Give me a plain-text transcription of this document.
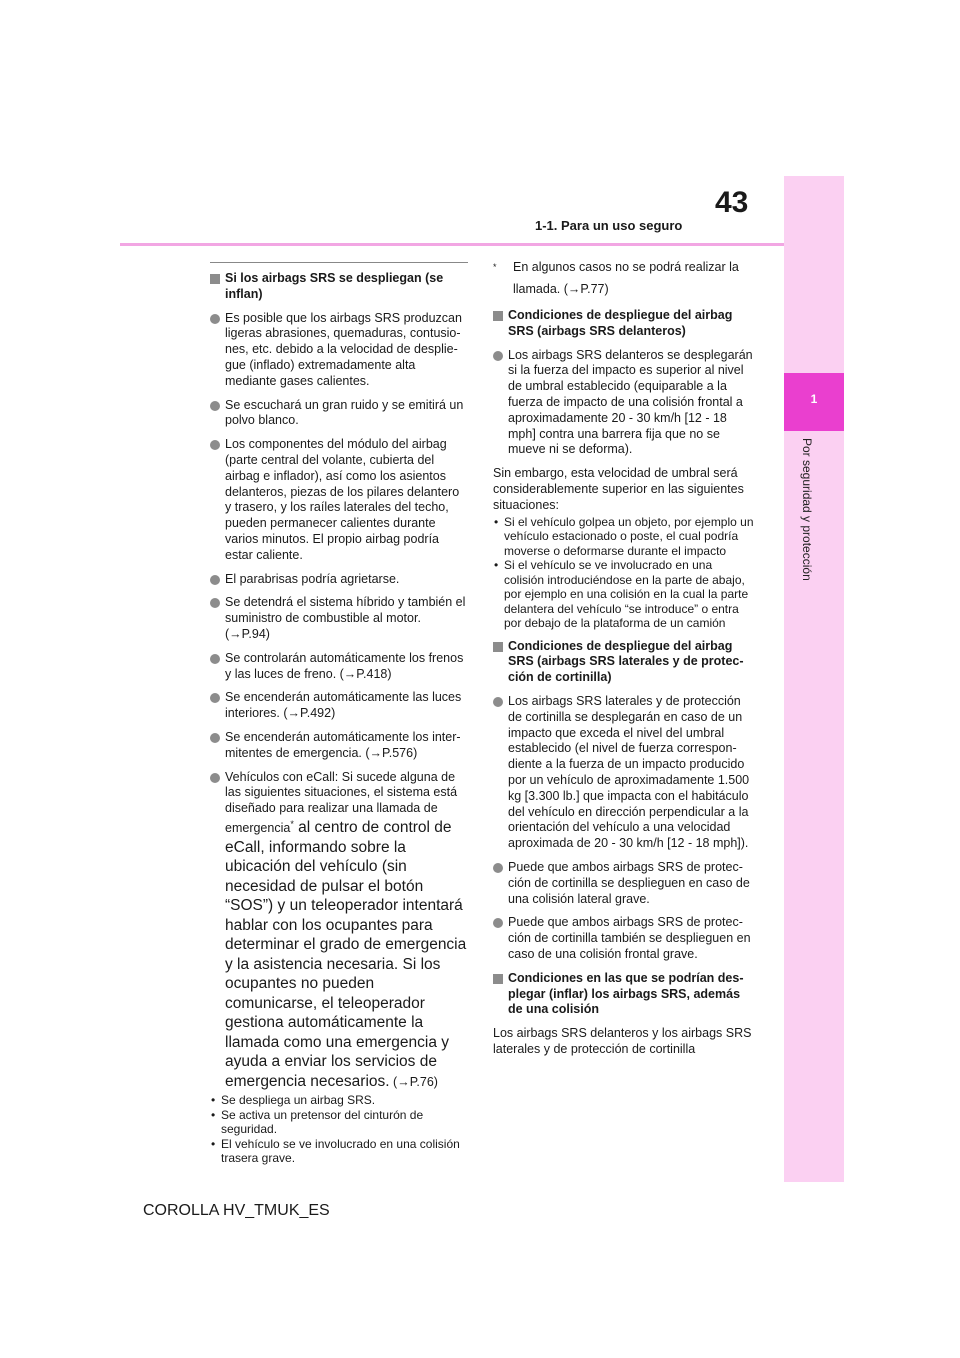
43
1-1. Para un uso seguro
1
Por seguridad y protección
Si los airbags SRS se despliegan (se inflan)
Es posible que los airbags SRS produzcan ligeras abrasiones, quemaduras, contusiones, etc. debido a la velocidad de despliegue (inflado) extremadamente alta mediante gases calientes.
Se escuchará un gran ruido y se emitirá un polvo blanco.
Los componentes del módulo del airbag (parte central del volante, cubierta del airbag e inflador), así como los asientos delanteros, piezas de los pilares delantero y trasero, y los raíles laterales del techo, pueden permanecer calientes durante varios minutos. El propio airbag podría estar caliente.
El parabrisas podría agrietarse.
Se detendrá el sistema híbrido y también el suministro de combustible al motor. (→P.94)
Se controlarán automáticamente los frenos y las luces de freno. (→P.418)
Se encenderán automáticamente las luces interiores. (→P.492)
Se encenderán automáticamente los intermitentes de emergencia. (→P.576)
Vehículos con eCall: Si sucede alguna de las siguientes situaciones, el sistema está diseñado para realizar una llamada de emergencia* al centro de control de eCall, informando sobre la ubicación del vehículo (sin necesidad de pulsar el botón “SOS”) y un teleoperador intentará hablar con los ocupantes para determinar el grado de emergencia y la asistencia necesaria. Si los ocupantes no pueden comunicarse, el teleoperador gestiona automáticamente la llamada como una emergencia y ayuda a enviar los servicios de emergencia necesarios. (→P.76)
• Se despliega un airbag SRS.
• Se activa un pretensor del cinturón de seguridad.
• El vehículo se ve involucrado en una colisión trasera grave.
* En algunos casos no se podrá realizar la llamada. (→P.77)
Condiciones de despliegue del airbag SRS (airbags SRS delanteros)
Los airbags SRS delanteros se desplegarán si la fuerza del impacto es superior al nivel de umbral establecido (equiparable a la fuerza de impacto de una colisión frontal a aproximadamente 20 - 30 km/h [12 - 18 mph] contra una barrera fija que no se mueve ni se deforma).
Sin embargo, esta velocidad de umbral será considerablemente superior en las siguientes situaciones:
• Si el vehículo golpea un objeto, por ejemplo un vehículo estacionado o poste, el cual podría moverse o deformarse durante el impacto
• Si el vehículo se ve involucrado en una colisión introduciéndose en la parte de abajo, por ejemplo en una colisión en la cual la parte delantera del vehículo “se introduce” o entra por debajo de la plataforma de un camión
Condiciones de despliegue del airbag SRS (airbags SRS laterales y de protección de cortinilla)
Los airbags SRS laterales y de protección de cortinilla se desplegarán en caso de un impacto que exceda el nivel del umbral establecido (el nivel de fuerza correspondiente a la fuerza de un impacto producido por un vehículo de aproximadamente 1.500 kg [3.300 lb.] que impacta con el habitáculo del vehículo en dirección perpendicular a la orientación del vehículo a una velocidad aproximada de 20 - 30 km/h [12 - 18 mph]).
Puede que ambos airbags SRS de protección de cortinilla se desplieguen en caso de una colisión lateral grave.
Puede que ambos airbags SRS de protección de cortinilla también se desplieguen en caso de una colisión frontal grave.
Condiciones en las que se podrían desplegar (inflar) los airbags SRS, además de una colisión
Los airbags SRS delanteros y los airbags SRS laterales y de protección de cortinilla
COROLLA HV_TMUK_ES
